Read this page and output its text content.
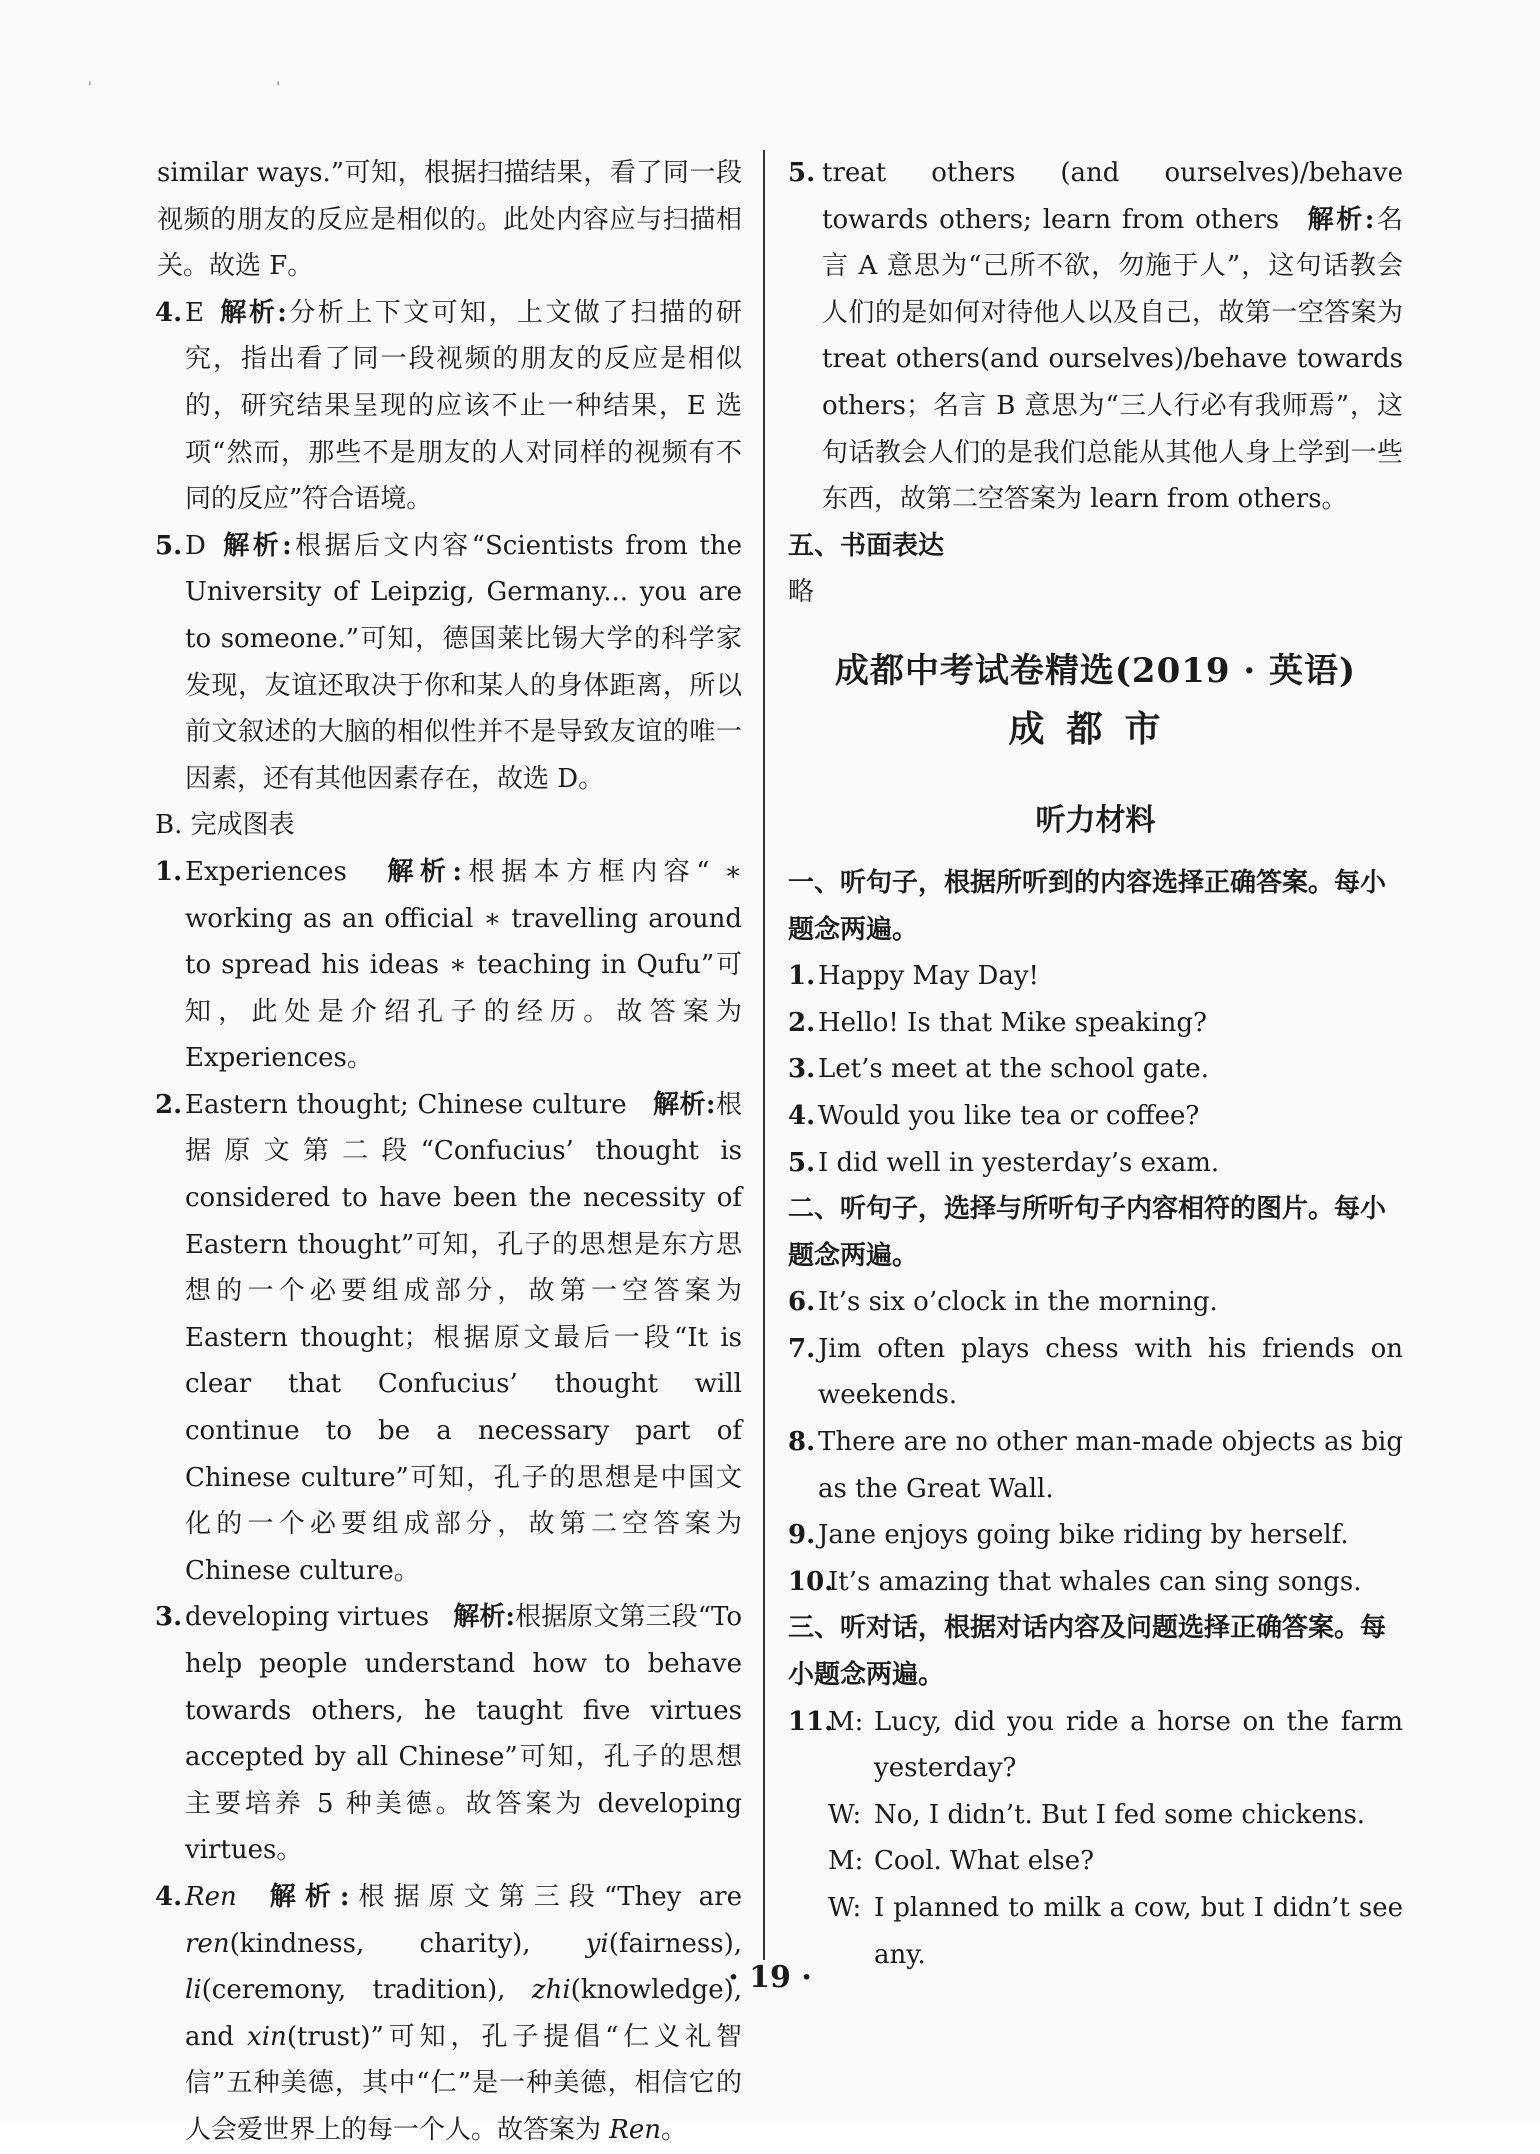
' '

similar ways.”可知，根据扫描结果，看了同一段视频的朋友的反应是相似的。此处内容应与扫描相关。故选 F。

4. E 解析:分析上下文可知，上文做了扫描的研究，指出看了同一段视频的朋友的反应是相似的，研究结果呈现的应该不止一种结果，E 选项“然而，那些不是朋友的人对同样的视频有不同的反应”符合语境。

5. D 解析:根据后文内容“Scientists from the University of Leipzig, Germany... you are to someone.”可知，德国莱比锡大学的科学家发现，友谊还取决于你和某人的身体距离，所以前文叙述的大脑的相似性并不是导致友谊的唯一因素，还有其他因素存在，故选 D。

B. 完成图表

1. Experiences 解析:根据本方框内容“ ∗ working as an official ∗ travelling around to spread his ideas ∗ teaching in Qufu”可知，此处是介绍孔子的经历。故答案为 Experiences。

2. Eastern thought; Chinese culture 解析:根据原文第二段“Confucius’ thought is considered to have been the necessity of Eastern thought”可知，孔子的思想是东方思想的一个必要组成部分，故第一空答案为 Eastern thought；根据原文最后一段“It is clear that Confucius’ thought will continue to be a necessary part of Chinese culture”可知，孔子的思想是中国文化的一个必要组成部分，故第二空答案为 Chinese culture。

3. developing virtues 解析:根据原文第三段“To help people understand how to behave towards others, he taught five virtues accepted by all Chinese”可知，孔子的思想主要培养 5 种美德。故答案为 developing virtues。

4. Ren 解析:根据原文第三段“They are ren(kindness, charity), yi(fairness), li(ceremony, tradition), zhi(knowledge), and xin(trust)”可知，孔子提倡“仁义礼智信”五种美德，其中“仁”是一种美德，相信它的人会爱世界上的每一个人。故答案为 Ren。

5. treat others (and ourselves)/behave towards others; learn from others 解析:名言 A 意思为“己所不欲，勿施于人”，这句话教会人们的是如何对待他人以及自己，故第一空答案为 treat others(and ourselves)/behave towards others；名言 B 意思为“三人行必有我师焉”，这句话教会人们的是我们总能从其他人身上学到一些东西，故第二空答案为 learn from others。

五、书面表达

略

成都中考试卷精选(2019 · 英语)
成都市
听力材料

一、听句子，根据所听到的内容选择正确答案。每小题念两遍。

1. Happy May Day!
2. Hello! Is that Mike speaking?
3. Let’s meet at the school gate.
4. Would you like tea or coffee?
5. I did well in yesterday’s exam.

二、听句子，选择与所听句子内容相符的图片。每小题念两遍。

6. It’s six o’clock in the morning.

7. Jim often plays chess with his friends on weekends.

8. There are no other man-made objects as big as the Great Wall.

9. Jane enjoys going bike riding by herself.

10.

It’s amazing that whales can sing songs.

三、听对话，根据对话内容及问题选择正确答案。每小题念两遍。

11.
M: Lucy, did you ride a horse on the farm yesterday?

W: No, I didn’t. But I fed some chickens.

M: Cool. What else?

W: I planned to milk a cow, but I didn’t see any.

· 19 ·
